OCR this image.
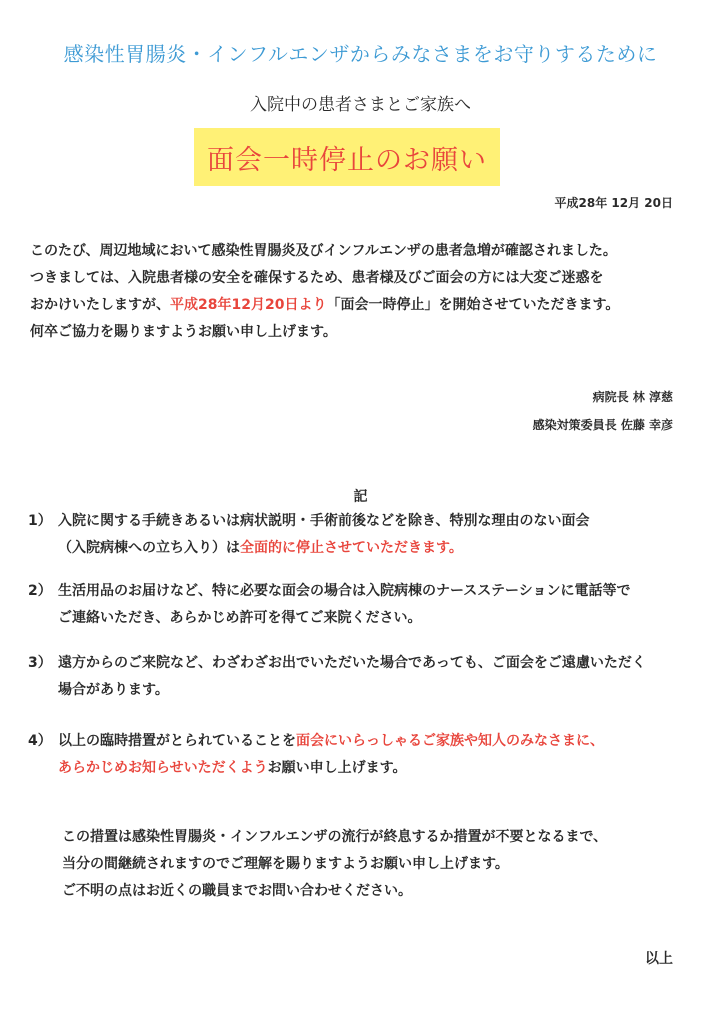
感染性胃腸炎・インフルエンザからみなさまをお守りするために
入院中の患者さまとご家族へ
面会一時停止のお願い
平成28年 12月 20日
このたび、周辺地域において感染性胃腸炎及びインフルエンザの患者急増が確認されました。
つきましては、入院患者様の安全を確保するため、患者様及びご面会の方には大変ご迷惑を
おかけいたしますが、平成28年12月20日より「面会一時停止」を開始させていただきます。
何卒ご協力を賜りますようお願い申し上げます。
病院長 林 淳慈
感染対策委員長 佐藤 幸彦
記
1） 入院に関する手続きあるいは病状説明・手術前後などを除き、特別な理由のない面会
（入院病棟への立ち入り）は全面的に停止させていただきます。
2） 生活用品のお届けなど、特に必要な面会の場合は入院病棟のナースステーションに電話等で
ご連絡いただき、あらかじめ許可を得てご来院ください。
3） 遠方からのご来院など、わざわざお出でいただいた場合であっても、ご面会をご遠慮いただく
場合があります。
4） 以上の臨時措置がとられていることを面会にいらっしゃるご家族や知人のみなさまに、
あらかじめお知らせいただくようお願い申し上げます。
この措置は感染性胃腸炎・インフルエンザの流行が終息するか措置が不要となるまで、
当分の間継続されますのでご理解を賜りますようお願い申し上げます。
ご不明の点はお近くの職員までお問い合わせください。
以上
